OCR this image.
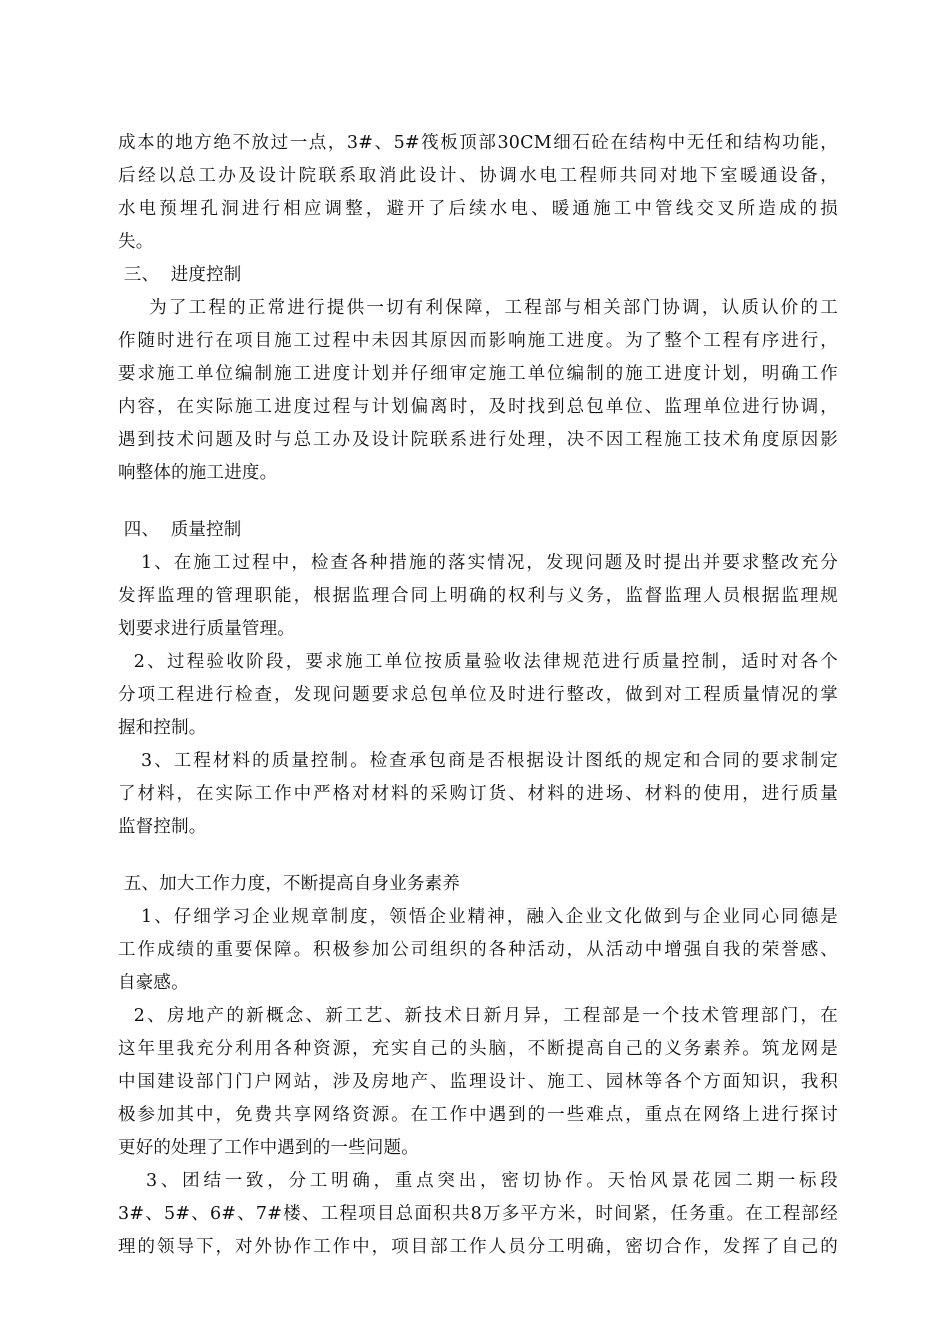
成本的地方绝不放过一点，3#、5#筏板顶部30CM细石砼在结构中无任和结构功能，
后经以总工办及设计院联系取消此设计、协调水电工程师共同对地下室暖通设备，
水电预埋孔洞进行相应调整，避开了后续水电、暖通施工中管线交叉所造成的损
失。
三、  进度控制
为了工程的正常进行提供一切有利保障，工程部与相关部门协调，认质认价的工
作随时进行在项目施工过程中未因其原因而影响施工进度。为了整个工程有序进行，
要求施工单位编制施工进度计划并仔细审定施工单位编制的施工进度计划，明确工作
内容，在实际施工进度过程与计划偏离时，及时找到总包单位、监理单位进行协调，
遇到技术问题及时与总工办及设计院联系进行处理，决不因工程施工技术角度原因影
响整体的施工进度。
四、  质量控制
1、在施工过程中，检查各种措施的落实情况，发现问题及时提出并要求整改充分
发挥监理的管理职能，根据监理合同上明确的权利与义务，监督监理人员根据监理规
划要求进行质量管理。
2、过程验收阶段，要求施工单位按质量验收法律规范进行质量控制，适时对各个
分项工程进行检查，发现问题要求总包单位及时进行整改，做到对工程质量情况的掌
握和控制。
3、工程材料的质量控制。检查承包商是否根据设计图纸的规定和合同的要求制定
了材料，在实际工作中严格对材料的采购订货、材料的进场、材料的使用，进行质量
监督控制。
五、加大工作力度，不断提高自身业务素养
1、仔细学习企业规章制度，领悟企业精神，融入企业文化做到与企业同心同德是
工作成绩的重要保障。积极参加公司组织的各种活动，从活动中增强自我的荣誉感、
自豪感。
2、房地产的新概念、新工艺、新技术日新月异，工程部是一个技术管理部门，在
这年里我充分利用各种资源，充实自己的头脑，不断提高自己的义务素养。筑龙网是
中国建设部门门户网站，涉及房地产、监理设计、施工、园林等各个方面知识，我积
极参加其中，免费共享网络资源。在工作中遇到的一些难点，重点在网络上进行探讨
更好的处理了工作中遇到的一些问题。
3、团结一致，分工明确，重点突出，密切协作。天怡风景花园二期一标段
3#、5#、6#、7#楼、工程项目总面积共8万多平方米，时间紧，任务重。在工程部经
理的领导下，对外协作工作中，项目部工作人员分工明确，密切合作，发挥了自己的
